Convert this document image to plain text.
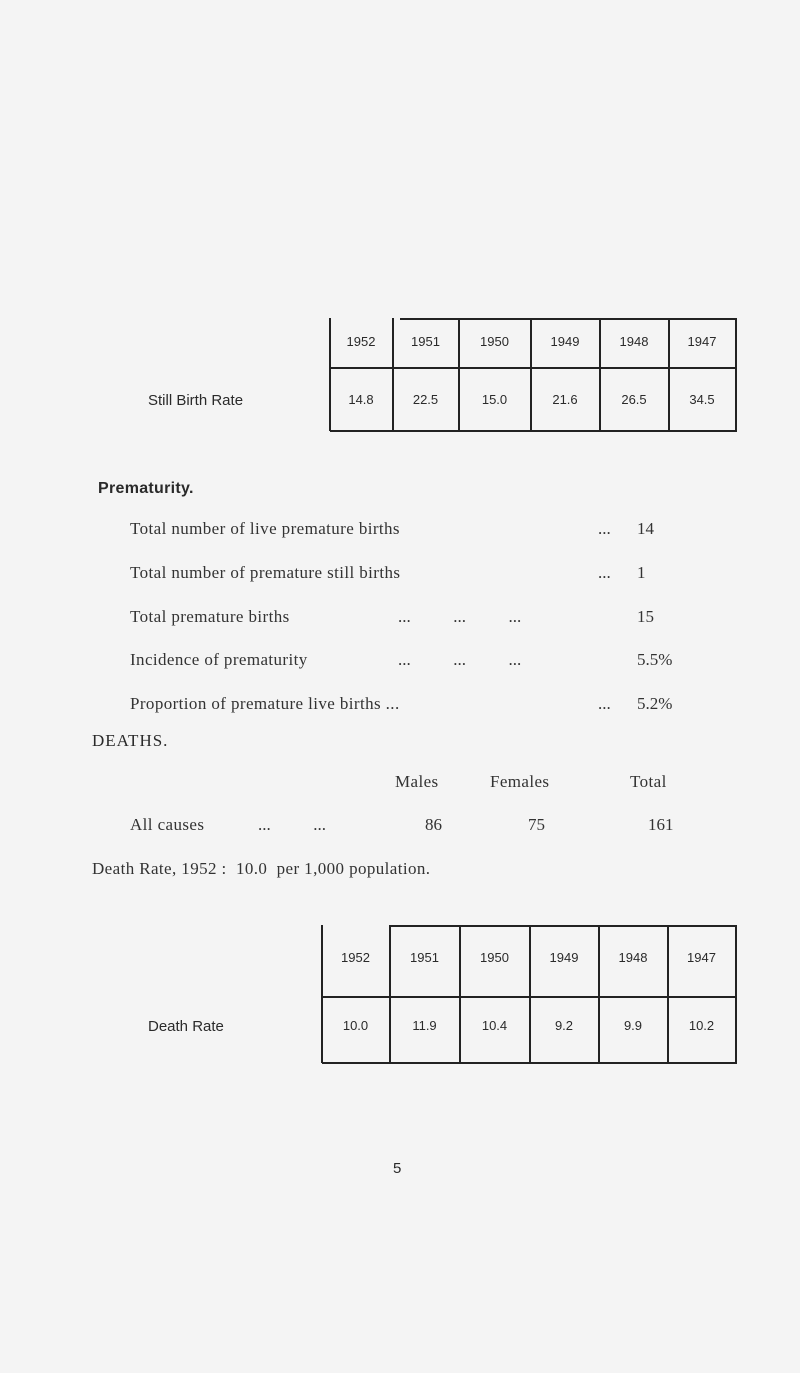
Still Birth Rate
1952	1951	1950	1949	1948	1947
14.8	22.5	15.0	21.6	26.5	34.5
Prematurity.
Total number of live premature births	... 14
Total number of premature still births	... 1
Total premature births	...          ...          ...	15
Incidence of prematurity	...          ...          ...	5.5%
Proportion of premature live births ...	... 5.2%
DEATHS.
Males	Females	Total
All causes	...          ...	86	75	161
Death Rate, 1952 :  10.0  per 1,000 population.
Death Rate
1952	1951	1950	1949	1948	1947
10.0	11.9	10.4	9.2	9.9	10.2
5
